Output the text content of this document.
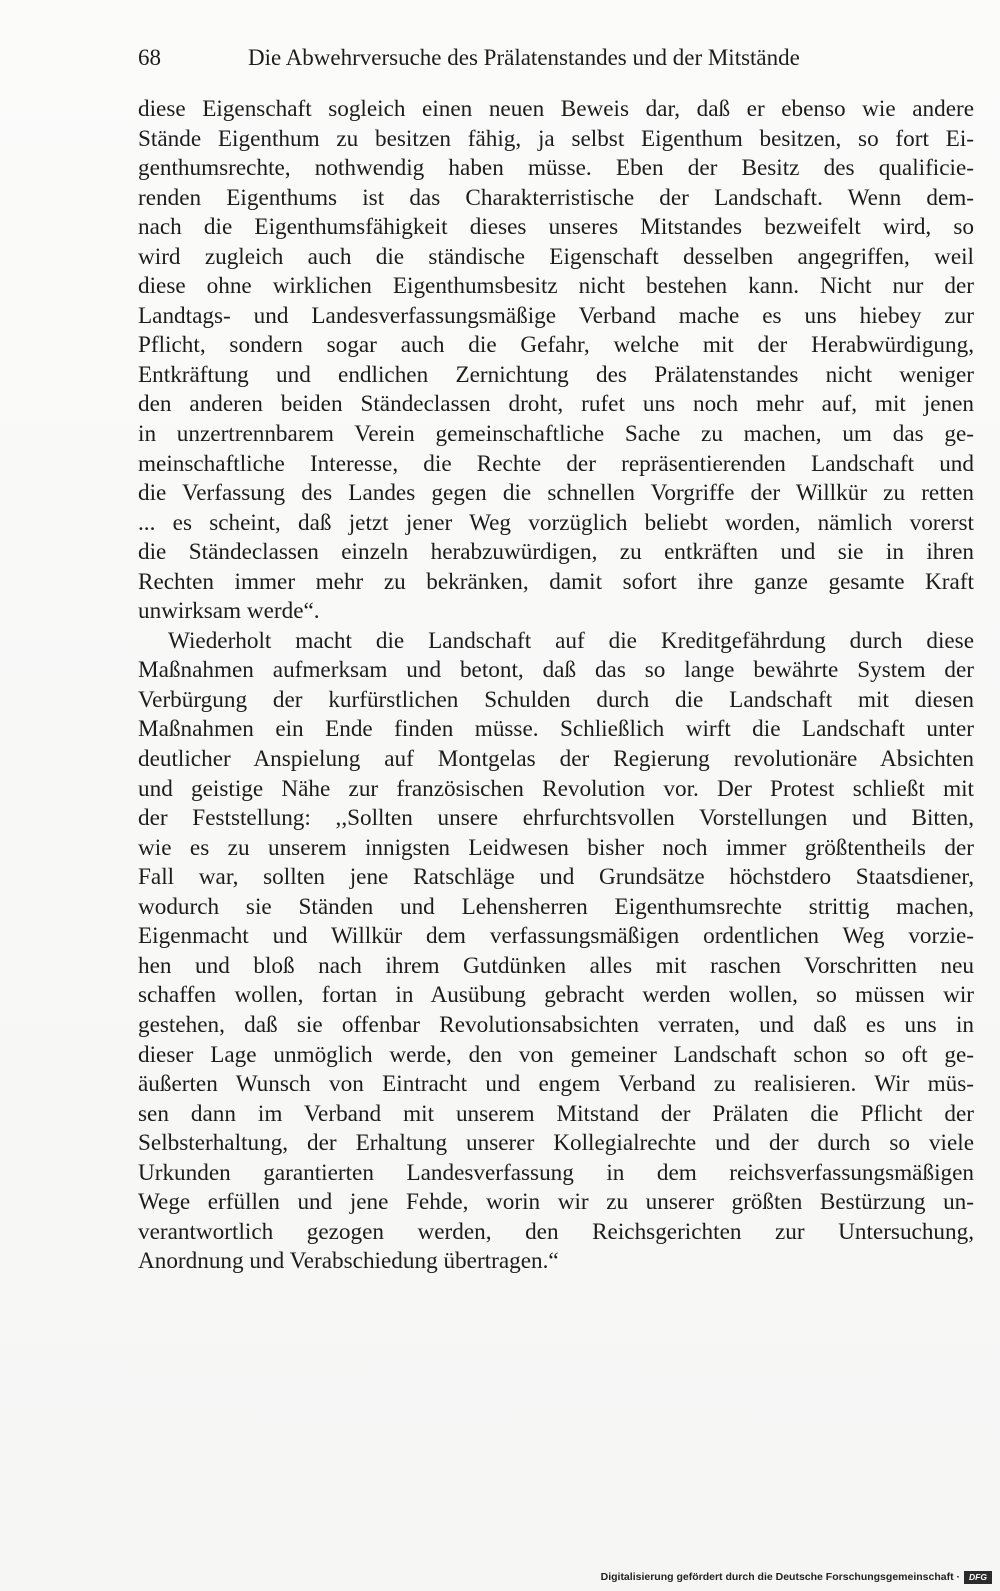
68	Die Abwehrversuche des Prälatenstandes und der Mitstände
diese Eigenschaft sogleich einen neuen Beweis dar, daß er ebenso wie andere
Stände Eigenthum zu besitzen fähig, ja selbst Eigenthum besitzen, so fort Ei-
genthumsrechte, nothwendig haben müsse. Eben der Besitz des qualificie-
renden Eigenthums ist das Charakterristische der Landschaft. Wenn dem-
nach die Eigenthumsfähigkeit dieses unseres Mitstandes bezweifelt wird, so
wird zugleich auch die ständische Eigenschaft desselben angegriffen, weil
diese ohne wirklichen Eigenthumsbesitz nicht bestehen kann. Nicht nur der
Landtags- und Landesverfassungsmäßige Verband mache es uns hiebey zur
Pflicht, sondern sogar auch die Gefahr, welche mit der Herabwürdigung,
Entkräftung und endlichen Zernichtung des Prälatenstandes nicht weniger
den anderen beiden Ständeclassen droht, rufet uns noch mehr auf, mit jenen
in unzertrennbarem Verein gemeinschaftliche Sache zu machen, um das ge-
meinschaftliche Interesse, die Rechte der repräsentierenden Landschaft und
die Verfassung des Landes gegen die schnellen Vorgriffe der Willkür zu retten
... es scheint, daß jetzt jener Weg vorzüglich beliebt worden, nämlich vorerst
die Ständeclassen einzeln herabzuwürdigen, zu entkräften und sie in ihren
Rechten immer mehr zu bekränken, damit sofort ihre ganze gesamte Kraft
unwirksam werde“.
Wiederholt macht die Landschaft auf die Kreditgefährdung durch diese
Maßnahmen aufmerksam und betont, daß das so lange bewährte System der
Verbürgung der kurfürstlichen Schulden durch die Landschaft mit diesen
Maßnahmen ein Ende finden müsse. Schließlich wirft die Landschaft unter
deutlicher Anspielung auf Montgelas der Regierung revolutionäre Absichten
und geistige Nähe zur französischen Revolution vor. Der Protest schließt mit
der Feststellung: ,,Sollten unsere ehrfurchtsvollen Vorstellungen und Bitten,
wie es zu unserem innigsten Leidwesen bisher noch immer größtentheils der
Fall war, sollten jene Ratschläge und Grundsätze höchstdero Staatsdiener,
wodurch sie Ständen und Lehensherren Eigenthumsrechte strittig machen,
Eigenmacht und Willkür dem verfassungsmäßigen ordentlichen Weg vorzie-
hen und bloß nach ihrem Gutdünken alles mit raschen Vorschritten neu
schaffen wollen, fortan in Ausübung gebracht werden wollen, so müssen wir
gestehen, daß sie offenbar Revolutionsabsichten verraten, und daß es uns in
dieser Lage unmöglich werde, den von gemeiner Landschaft schon so oft ge-
äußerten Wunsch von Eintracht und engem Verband zu realisieren. Wir müs-
sen dann im Verband mit unserem Mitstand der Prälaten die Pflicht der
Selbsterhaltung, der Erhaltung unserer Kollegialrechte und der durch so viele
Urkunden garantierten Landesverfassung in dem reichsverfassungsmäßigen
Wege erfüllen und jene Fehde, worin wir zu unserer größten Bestürzung un-
verantwortlich gezogen werden, den Reichsgerichten zur Untersuchung,
Anordnung und Verabschiedung übertragen.“
Digitalisierung gefördert durch die Deutsche Forschungsgemeinschaft ·	DFG
